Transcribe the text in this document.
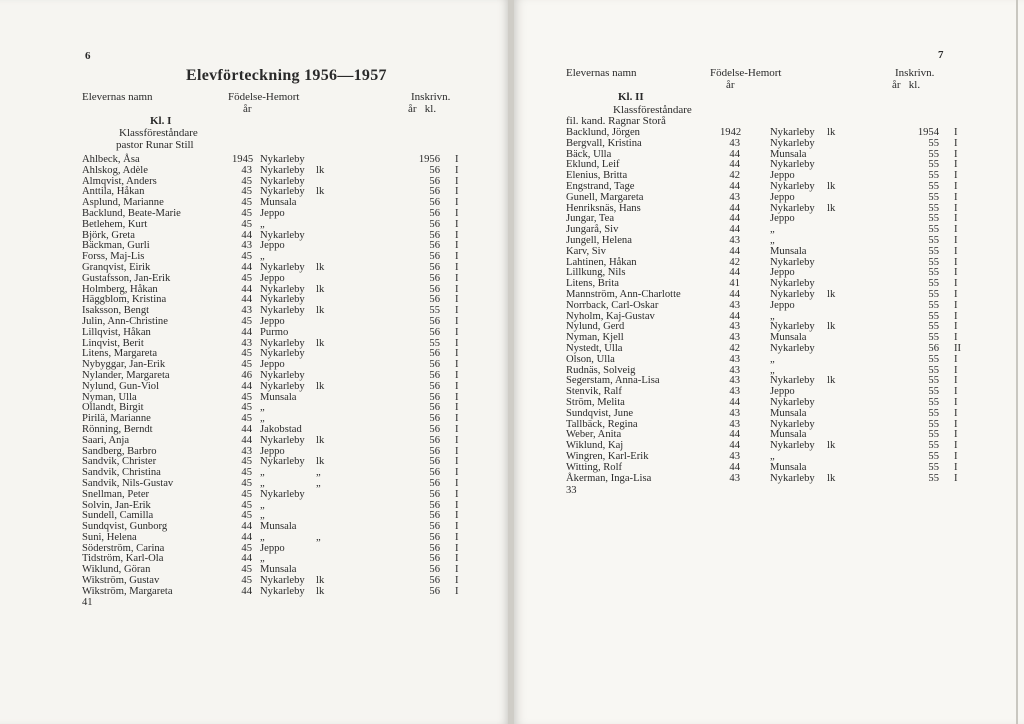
6
Elevförteckning 1956—1957
Elevernas namn	Födelse-Hemort
år
Inskrivn.
år   kl.
Kl. I
Klassföreståndare
pastor Runar Still
Ahlbeck, Åsa	1945 Nykarleby	1956 I
Ahlskog, Adèle	43 Nykarleby lk	56 I
Almqvist, Anders	45 Nykarleby	56 I
Anttila, Håkan	45 Nykarleby lk	56 I
Asplund, Marianne	45 Munsala	56 I
Backlund, Beate-Marie	45 Jeppo	56 I
Betlehem, Kurt	45 „	56 I
Björk, Greta	44 Nykarleby	56 I
Bäckman, Gurli	43 Jeppo	56 I
Forss, Maj-Lis	45 „	56 I
Granqvist, Eirik	44 Nykarleby lk	56 I
Gustafsson, Jan-Erik	45 Jeppo	56 I
Holmberg, Håkan	44 Nykarleby lk	56 I
Häggblom, Kristina	44 Nykarleby	56 I
Isaksson, Bengt	43 Nykarleby lk	55 I
Julin, Ann-Christine	45 Jeppo	56 I
Lillqvist, Håkan	44 Purmo	56 I
Linqvist, Berit	43 Nykarleby lk	55 I
Litens, Margareta	45 Nykarleby	56 I
Nybyggar, Jan-Erik	45 Jeppo	56 I
Nylander, Margareta	46 Nykarleby	56 I
Nylund, Gun-Viol	44 Nykarleby lk	56 I
Nyman, Ulla	45 Munsala	56 I
Ollandt, Birgit	45 „	56 I
Pirilä, Marianne	45 „	56 I
Rönning, Berndt	44 Jakobstad	56 I
Saari, Anja	44 Nykarleby lk	56 I
Sandberg, Barbro	43 Jeppo	56 I
Sandvik, Christer	45 Nykarleby lk	56 I
Sandvik, Christina	45 „	„	56 I
Sandvik, Nils-Gustav	45 „	„	56 I
Snellman, Peter	45 Nykarleby	56 I
Solvin, Jan-Erik	45 „	56 I
Sundell, Camilla	45 „	56 I
Sundqvist, Gunborg	44 Munsala	56 I
Suni, Helena	44 „	„	56 I
Söderström, Carina	45 Jeppo	56 I
Tidström, Karl-Ola	44 „	56 I
Wiklund, Göran	45 Munsala	56 I
Wikström, Gustav	45 Nykarleby lk	56 I
Wikström, Margareta	44 Nykarleby lk	56 I
41
7
Elevernas namn	Födelse-Hemort
år
Inskrivn.
år   kl.
Kl. II
Klassföreståndare
fil. kand. Ragnar Storå
Backlund, Jörgen	1942	Nykarleby lk	1954 I
Bergvall, Kristina	43	Nykarleby	55 I
Bäck, Ulla	44	Munsala	55 I
Eklund, Leif	44	Nykarleby	55 I
Elenius, Britta	42	Jeppo	55 I
Engstrand, Tage	44	Nykarleby lk	55 I
Gunell, Margareta	43	Jeppo	55 I
Henriksnäs, Hans	44	Nykarleby lk	55 I
Jungar, Tea	44	Jeppo	55 I
Jungarå, Siv	44	„	55 I
Jungell, Helena	43	„	55 I
Karv, Siv	44	Munsala	55 I
Lahtinen, Håkan	42	Nykarleby	55 I
Lillkung, Nils	44	Jeppo	55 I
Litens, Brita	41	Nykarleby	55 I
Mannström, Ann-Charlotte	44	Nykarleby lk	55 I
Norrback, Carl-Oskar	43	Jeppo	55 I
Nyholm, Kaj-Gustav	44	„	55 I
Nylund, Gerd	43	Nykarleby lk	55 I
Nyman, Kjell	43	Munsala	55 I
Nystedt, Ulla	42	Nykarleby	56 II
Olson, Ulla	43	„	55 I
Rudnäs, Solveig	43	„	55 I
Segerstam, Anna-Lisa	43	Nykarleby lk	55 I
Stenvik, Ralf	43	Jeppo	55 I
Ström, Melita	44	Nykarleby	55 I
Sundqvist, June	43	Munsala	55 I
Tallbäck, Regina	43	Nykarleby	55 I
Weber, Anita	44	Munsala	55 I
Wiklund, Kaj	44	Nykarleby lk	55 I
Wingren, Karl-Erik	43	„	55 I
Witting, Rolf	44	Munsala	55 I
Åkerman, Inga-Lisa	43	Nykarleby lk	55 I
33
